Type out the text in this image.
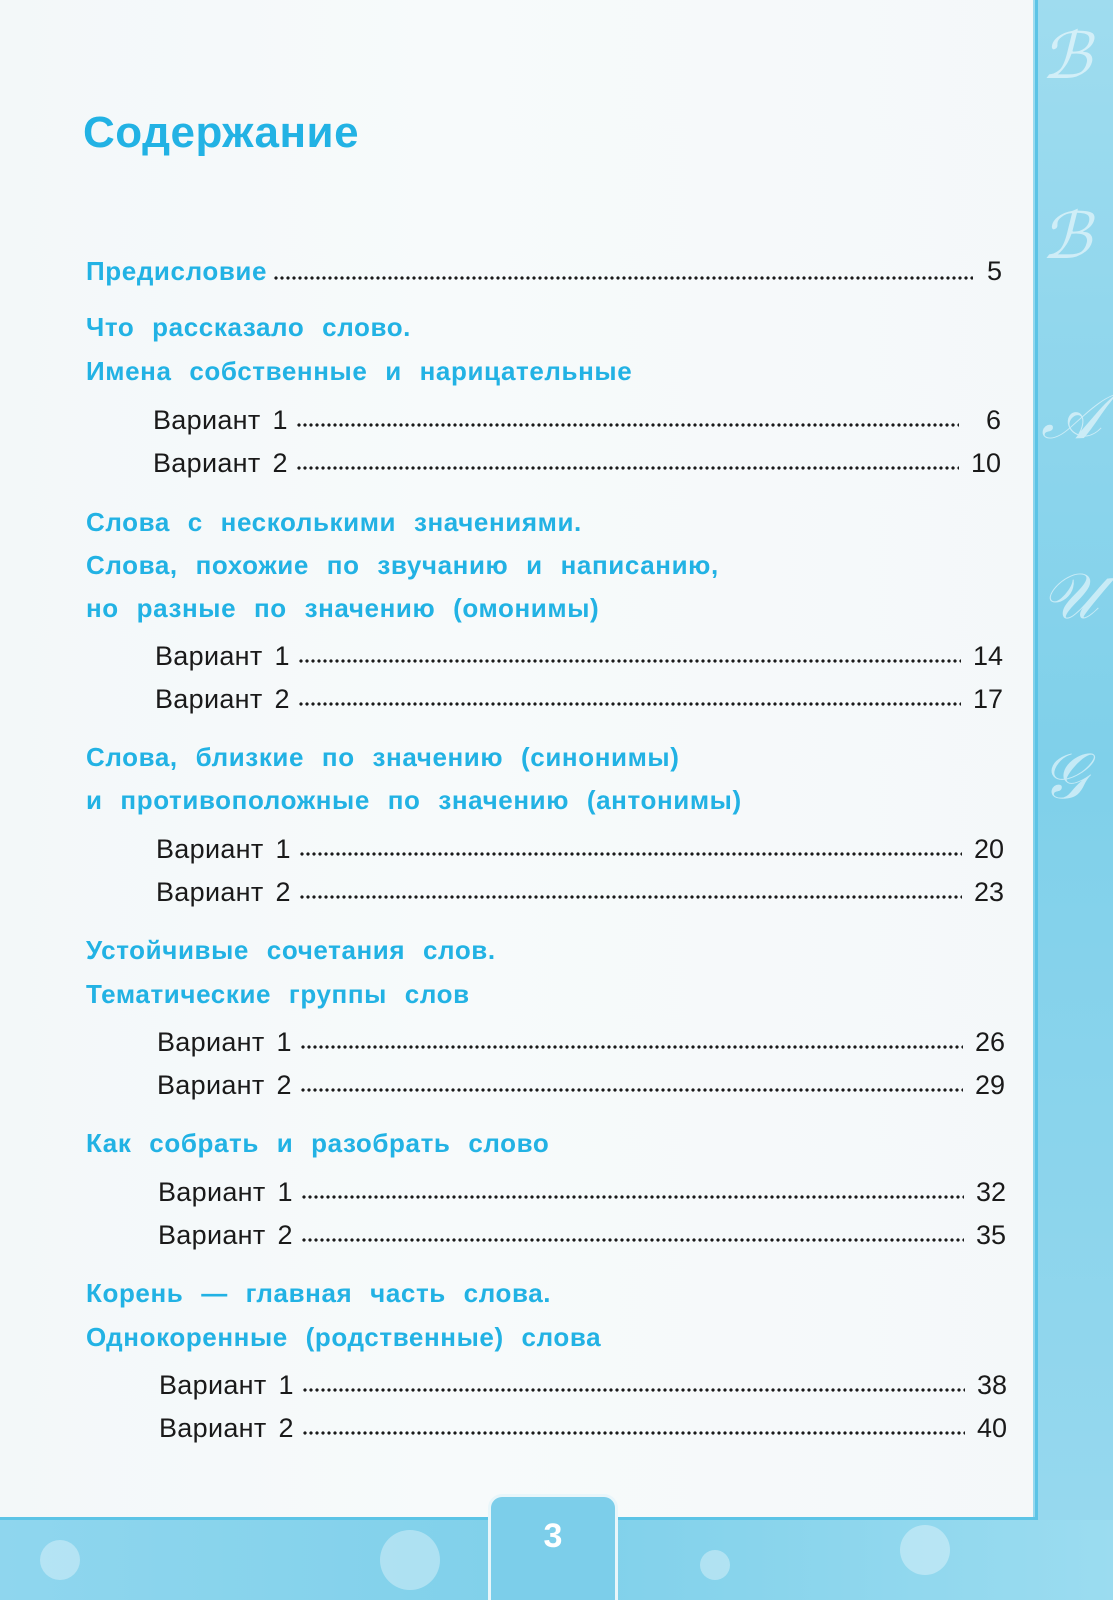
ℬ
ℬ
𝒜
𝒰
𝒢
3
Содержание
Предисловие	5
Что рассказало слово.
Имена собственные и нарицательные
Вариант 1	6
Вариант 2	10
Слова с несколькими значениями.
Слова, похожие по звучанию и написанию,
но разные по значению (омонимы)
Вариант 1	14
Вариант 2	17
Слова, близкие по значению (синонимы)
и противоположные по значению (антонимы)
Вариант 1	20
Вариант 2	23
Устойчивые сочетания слов.
Тематические группы слов
Вариант 1	26
Вариант 2	29
Как собрать и разобрать слово
Вариант 1	32
Вариант 2	35
Корень — главная часть слова.
Однокоренные (родственные) слова
Вариант 1	38
Вариант 2	40
